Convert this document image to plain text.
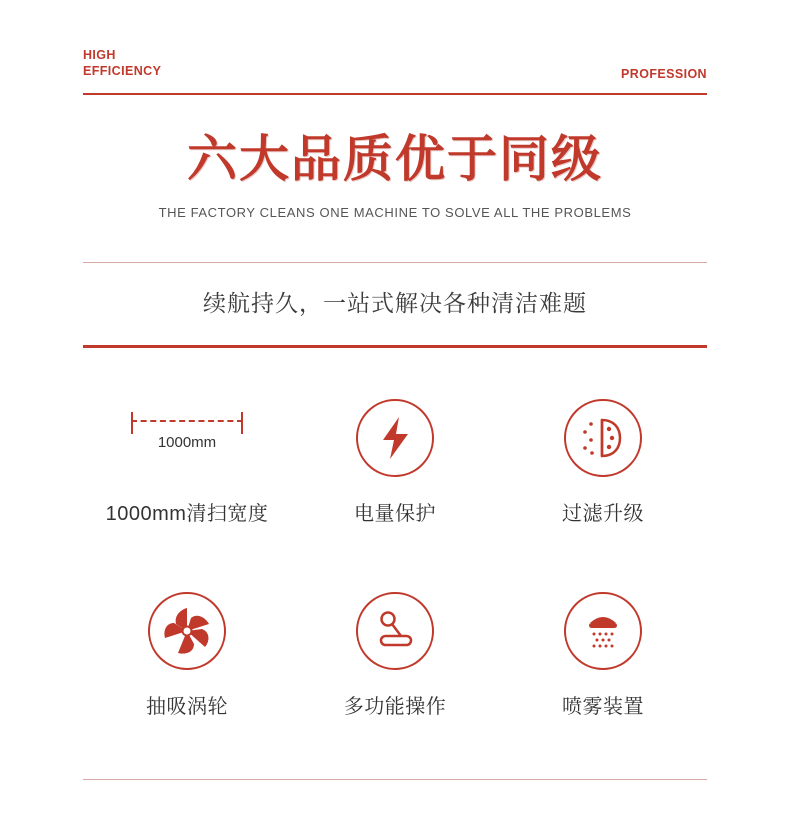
HIGH
EFFICIENCY	PROFESSION
六大品质优于同级
THE FACTORY CLEANS ONE MACHINE TO SOLVE ALL THE PROBLEMS
续航持久，一站式解决各种清洁难题
1000mm
1000mm清扫宽度	电量保护	过滤升级
抽吸涡轮	多功能操作	喷雾装置
